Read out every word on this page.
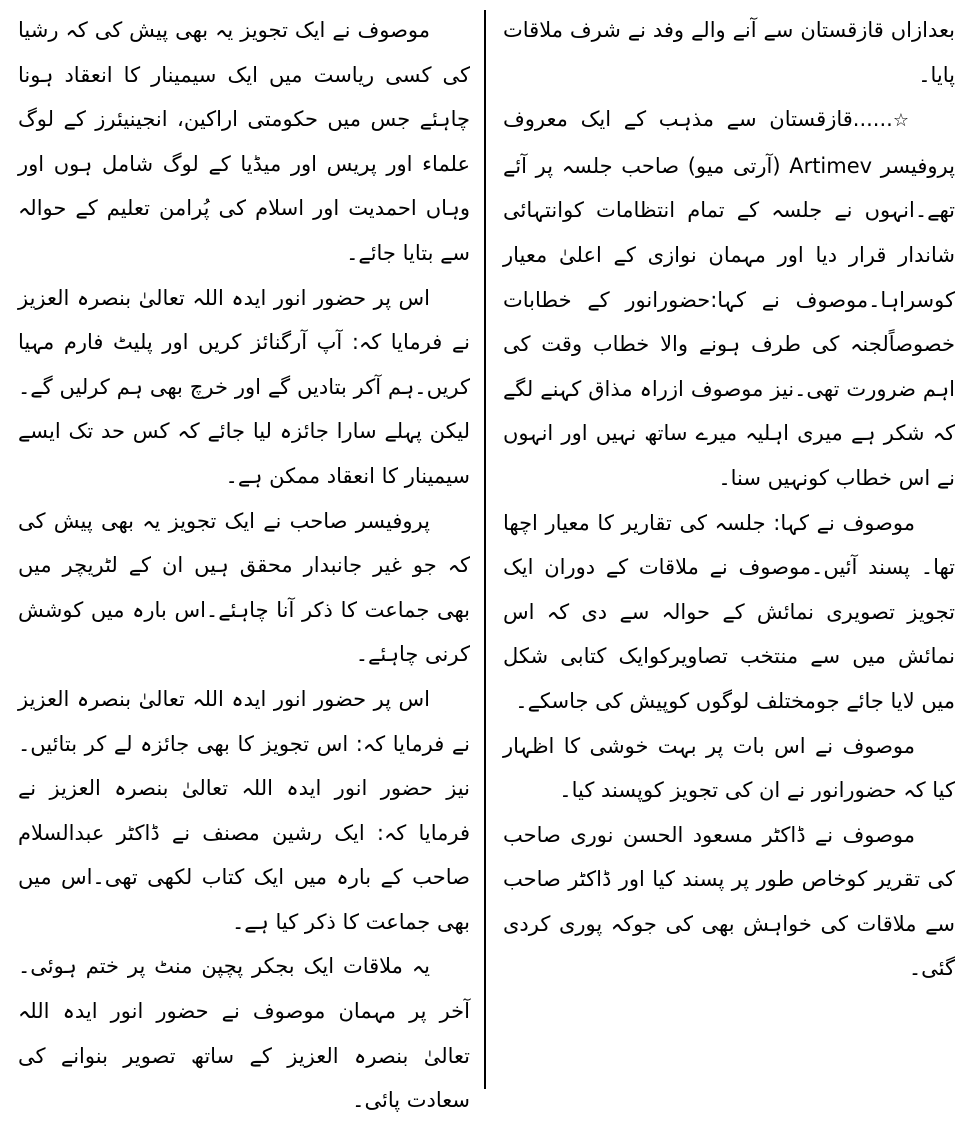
بعدازاں قازقستان سے آنے والے وفد نے شرف ملاقات پایا۔

☆......قازقستان سے مذہب کے ایک معروف پروفیسر Artimev (آرتی میو) صاحب جلسہ پر آئے تھے۔انہوں نے جلسہ کے تمام انتظامات کوانتہائی شاندار قرار دیا اور مہمان نوازی کے اعلیٰ معیار کوسراہا۔موصوف نے کہا:حضورانور کے خطابات خصوصاًلجنہ کی طرف ہونے والا خطاب وقت کی اہم ضرورت تھی۔نیز موصوف ازراہ مذاق کہنے لگے کہ شکر ہے میری اہلیہ میرے ساتھ نہیں اور انہوں نے اس خطاب کونہیں سنا۔

موصوف نے کہا: جلسہ کی تقاریر کا معیار اچھا تھا۔ پسند آئیں۔موصوف نے ملاقات کے دوران ایک تجویز تصویری نمائش کے حوالہ سے دی کہ اس نمائش میں سے منتخب تصاویرکوایک کتابی شکل میں لایا جائے جومختلف لوگوں کوپیش کی جاسکے۔

موصوف نے اس بات پر بہت خوشی کا اظہار کیا کہ حضورانور نے ان کی تجویز کوپسند کیا۔

موصوف نے ڈاکٹر مسعود الحسن نوری صاحب کی تقریر کوخاص طور پر پسند کیا اور ڈاکٹر صاحب سے ملاقات کی خواہش بھی کی جوکہ پوری کردی گئی۔

موصوف نے ایک تجویز یہ بھی پیش کی کہ رشیا کی کسی ریاست میں ایک سیمینار کا انعقاد ہونا چاہئے جس میں حکومتی اراکین، انجینیئرز کے لوگ علماء اور پریس اور میڈیا کے لوگ شامل ہوں اور وہاں احمدیت اور اسلام کی پُرامن تعلیم کے حوالہ سے بتایا جائے۔

اس پر حضور انور ایدہ اللہ تعالیٰ بنصرہ العزیز نے فرمایا کہ: آپ آرگنائز کریں اور پلیٹ فارم مہیا کریں۔ہم آکر بتادیں گے اور خرچ بھی ہم کرلیں گے۔لیکن پہلے سارا جائزہ لیا جائے کہ کس حد تک ایسے سیمینار کا انعقاد ممکن ہے۔

پروفیسر صاحب نے ایک تجویز یہ بھی پیش کی کہ جو غیر جانبدار محقق ہیں ان کے لٹریچر میں بھی جماعت کا ذکر آنا چاہئے۔اس بارہ میں کوشش کرنی چاہئے۔

اس پر حضور انور ایدہ اللہ تعالیٰ بنصرہ العزیز نے فرمایا کہ: اس تجویز کا بھی جائزہ لے کر بتائیں۔نیز حضور انور ایدہ اللہ تعالیٰ بنصرہ العزیز نے فرمایا کہ: ایک رشین مصنف نے ڈاکٹر عبدالسلام صاحب کے بارہ میں ایک کتاب لکھی تھی۔اس میں بھی جماعت کا ذکر کیا ہے۔

یہ ملاقات ایک بجکر پچپن منٹ پر ختم ہوئی۔آخر پر مہمان موصوف نے حضور انور ایدہ اللہ تعالیٰ بنصرہ العزیز کے ساتھ تصویر بنوانے کی سعادت پائی۔
